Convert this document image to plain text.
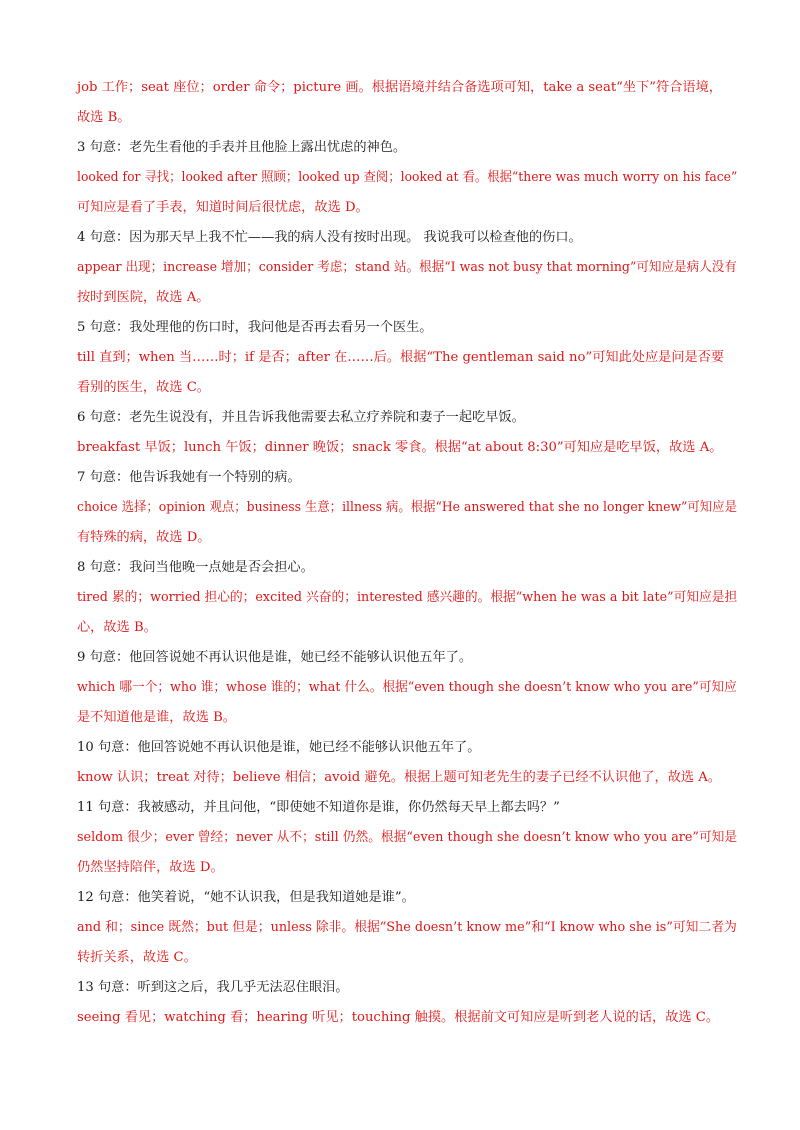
job 工作；seat 座位；order 命令；picture 画。根据语境并结合备选项可知，take a seat“坐下”符合语境，
故选 B。
3 句意：老先生看他的手表并且他脸上露出忧虑的神色。
looked for 寻找；looked after 照顾；looked up 查阅；looked at 看。根据“there was much worry on his face”
可知应是看了手表，知道时间后很忧虑，故选 D。
4 句意：因为那天早上我不忙——我的病人没有按时出现。 我说我可以检查他的伤口。
appear 出现；increase 增加；consider 考虑；stand 站。根据“I was not busy that morning”可知应是病人没有
按时到医院，故选 A。
5 句意：我处理他的伤口时，我问他是否再去看另一个医生。
till 直到；when 当……时；if 是否；after 在……后。根据“The gentleman said no”可知此处应是问是否要
看别的医生，故选 C。
6 句意：老先生说没有，并且告诉我他需要去私立疗养院和妻子一起吃早饭。
breakfast 早饭；lunch 午饭；dinner 晚饭；snack 零食。根据“at about 8:30”可知应是吃早饭，故选 A。
7 句意：他告诉我她有一个特别的病。
choice 选择；opinion 观点；business 生意；illness 病。根据“He answered that she no longer knew”可知应是
有特殊的病，故选 D。
8 句意：我问当他晚一点她是否会担心。
tired 累的；worried 担心的；excited 兴奋的；interested 感兴趣的。根据“when he was a bit late”可知应是担
心，故选 B。
9 句意：他回答说她不再认识他是谁，她已经不能够认识他五年了。
which 哪一个；who 谁；whose 谁的；what 什么。根据“even though she doesn’t know who you are”可知应
是不知道他是谁，故选 B。
10 句意：他回答说她不再认识他是谁，她已经不能够认识他五年了。
know 认识；treat 对待；believe 相信；avoid 避免。根据上题可知老先生的妻子已经不认识他了，故选 A。
11 句意：我被感动，并且问他，“即使她不知道你是谁，你仍然每天早上都去吗？”
seldom 很少；ever 曾经；never 从不；still 仍然。根据“even though she doesn’t know who you are”可知是
仍然坚持陪伴，故选 D。
12 句意：他笑着说，“她不认识我，但是我知道她是谁”。
and 和；since 既然；but 但是；unless 除非。根据“She doesn’t know me”和“I know who she is”可知二者为
转折关系，故选 C。
13 句意：听到这之后，我几乎无法忍住眼泪。
seeing 看见；watching 看；hearing 听见；touching 触摸。根据前文可知应是听到老人说的话，故选 C。
